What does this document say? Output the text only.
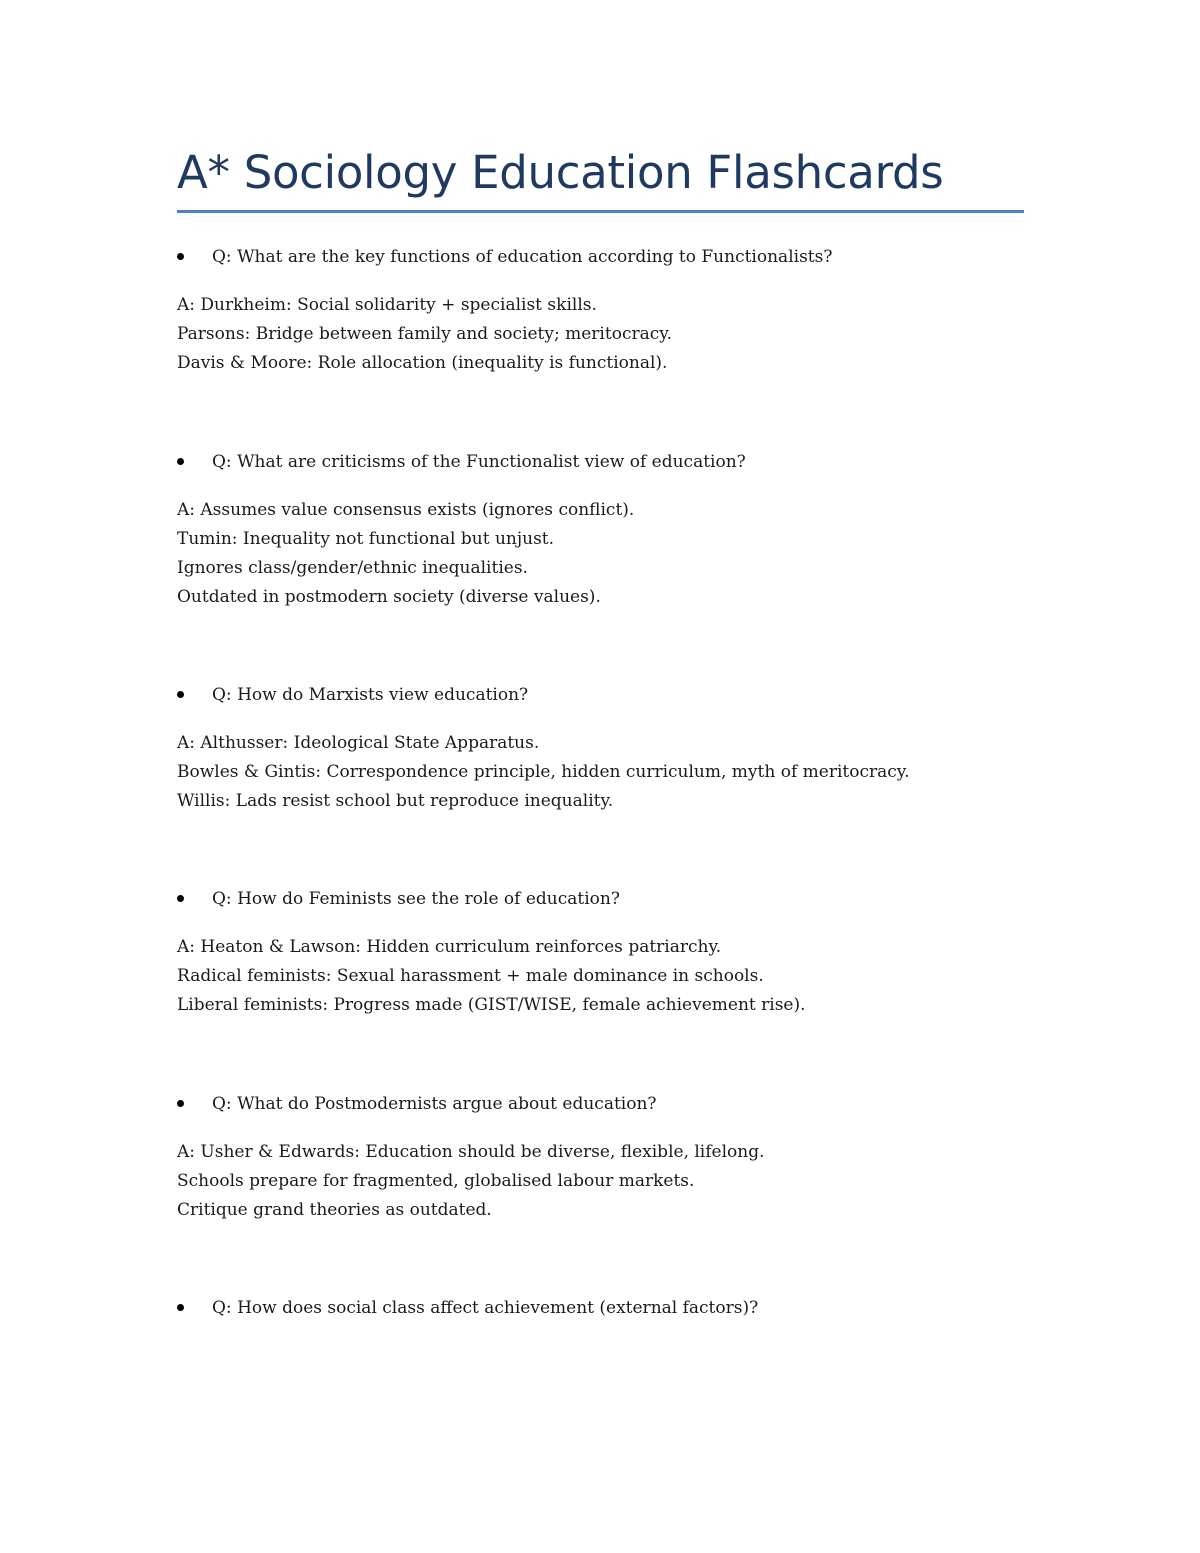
A* Sociology Education Flashcards
Q: What are the key functions of education according to Functionalists?
A: Durkheim: Social solidarity + specialist skills.
Parsons: Bridge between family and society; meritocracy.
Davis & Moore: Role allocation (inequality is functional).
Q: What are criticisms of the Functionalist view of education?
A: Assumes value consensus exists (ignores conflict).
Tumin: Inequality not functional but unjust.
Ignores class/gender/ethnic inequalities.
Outdated in postmodern society (diverse values).
Q: How do Marxists view education?
A: Althusser: Ideological State Apparatus.
Bowles & Gintis: Correspondence principle, hidden curriculum, myth of meritocracy.
Willis: Lads resist school but reproduce inequality.
Q: How do Feminists see the role of education?
A: Heaton & Lawson: Hidden curriculum reinforces patriarchy.
Radical feminists: Sexual harassment + male dominance in schools.
Liberal feminists: Progress made (GIST/WISE, female achievement rise).
Q: What do Postmodernists argue about education?
A: Usher & Edwards: Education should be diverse, flexible, lifelong.
Schools prepare for fragmented, globalised labour markets.
Critique grand theories as outdated.
Q: How does social class affect achievement (external factors)?
